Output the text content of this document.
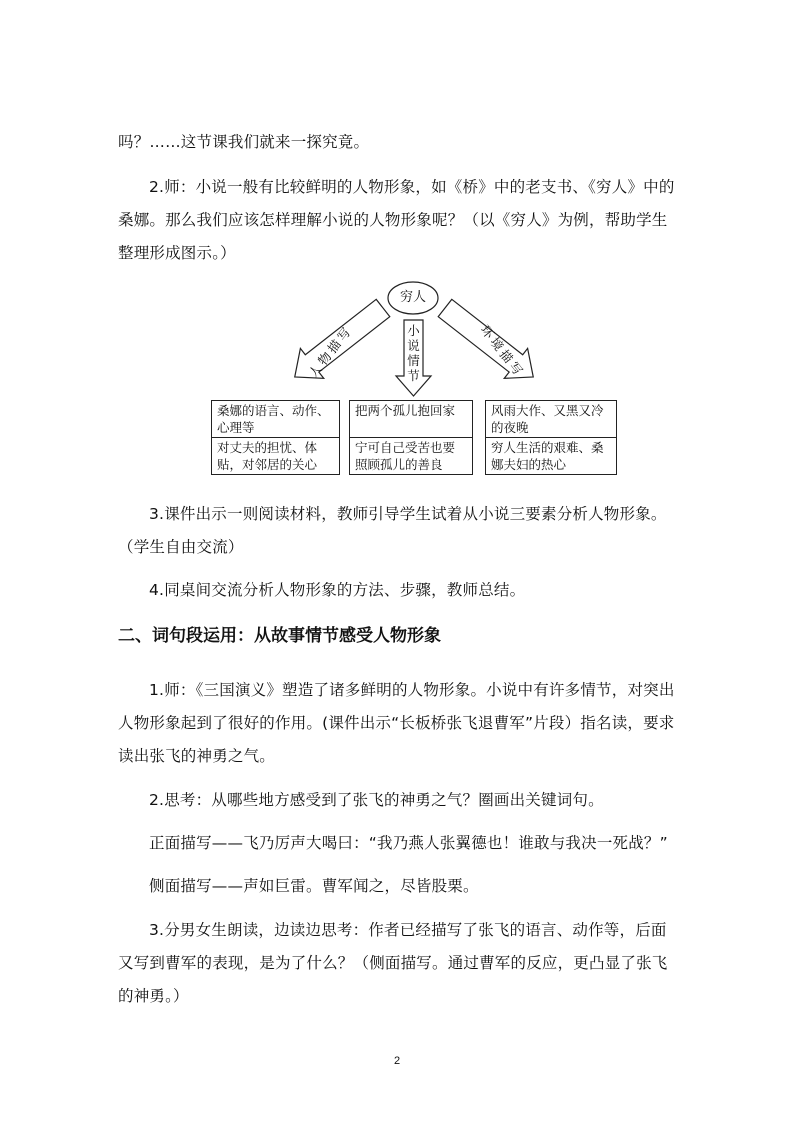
吗？……这节课我们就来一探究竟。

2.师：小说一般有比较鲜明的人物形象，如《桥》中的老支书、《穷人》中的桑娜。那么我们应该怎样理解小说的人物形象呢？（以《穷人》为例，帮助学生整理形成图示。）

穷人
人物描写	小说情节	环境描写
桑娜的语言、动作、心理等
对丈夫的担忧、体贴，对邻居的关心
把两个孤儿抱回家
宁可自己受苦也要照顾孤儿的善良
风雨大作、又黑又冷的夜晚
穷人生活的艰难、桑娜夫妇的热心

3.课件出示一则阅读材料，教师引导学生试着从小说三要素分析人物形象。（学生自由交流）

4.同桌间交流分析人物形象的方法、步骤，教师总结。

二、词句段运用：从故事情节感受人物形象

1.师：《三国演义》塑造了诸多鲜明的人物形象。小说中有许多情节，对突出人物形象起到了很好的作用。(课件出示“长板桥张飞退曹军”片段）指名读，要求读出张飞的神勇之气。

2.思考：从哪些地方感受到了张飞的神勇之气？圈画出关键词句。

正面描写——飞乃厉声大喝曰：“我乃燕人张翼德也！谁敢与我决一死战？”

侧面描写——声如巨雷。曹军闻之，尽皆股栗。

3.分男女生朗读，边读边思考：作者已经描写了张飞的语言、动作等，后面又写到曹军的表现，是为了什么？（侧面描写。通过曹军的反应，更凸显了张飞的神勇。）

2
